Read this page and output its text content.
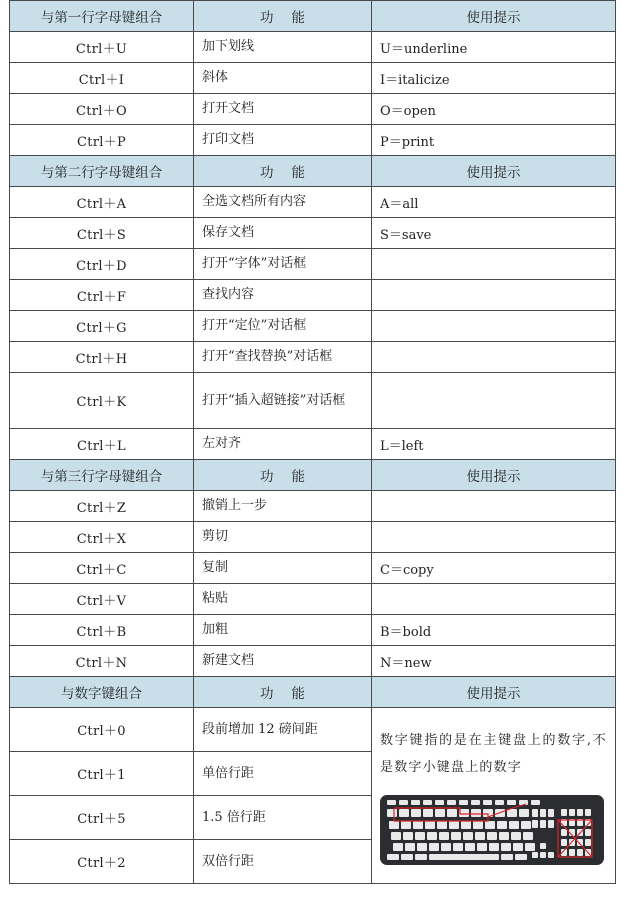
与第一行字母键组合	功 能	使用提示
Ctrl＋U	加下划线	U＝underline
Ctrl＋I	斜体	I＝italicize
Ctrl＋O	打开文档	O＝open
Ctrl＋P	打印文档	P＝print
与第二行字母键组合	功 能	使用提示
Ctrl＋A	全选文档所有内容	A＝all
Ctrl＋S	保存文档	S＝save
Ctrl＋D	打开“字体”对话框	
Ctrl＋F	查找内容	
Ctrl＋G	打开“定位”对话框	
Ctrl＋H	打开“查找替换”对话框	
Ctrl＋K	打开“插入超链接”对话框	
Ctrl＋L	左对齐	L＝left
与第三行字母键组合	功 能	使用提示
Ctrl＋Z	撤销上一步	
Ctrl＋X	剪切	
Ctrl＋C	复制	C＝copy
Ctrl＋V	粘贴	
Ctrl＋B	加粗	B＝bold
Ctrl＋N	新建文档	N＝new
与数字键组合	功 能	使用提示
Ctrl＋0	段前增加 12 磅间距	数字键指的是在主键盘上的数字,不是数字小键盘上的数字

Ctrl＋1	单倍行距	
Ctrl＋5	1.5 倍行距	
Ctrl＋2	双倍行距	
